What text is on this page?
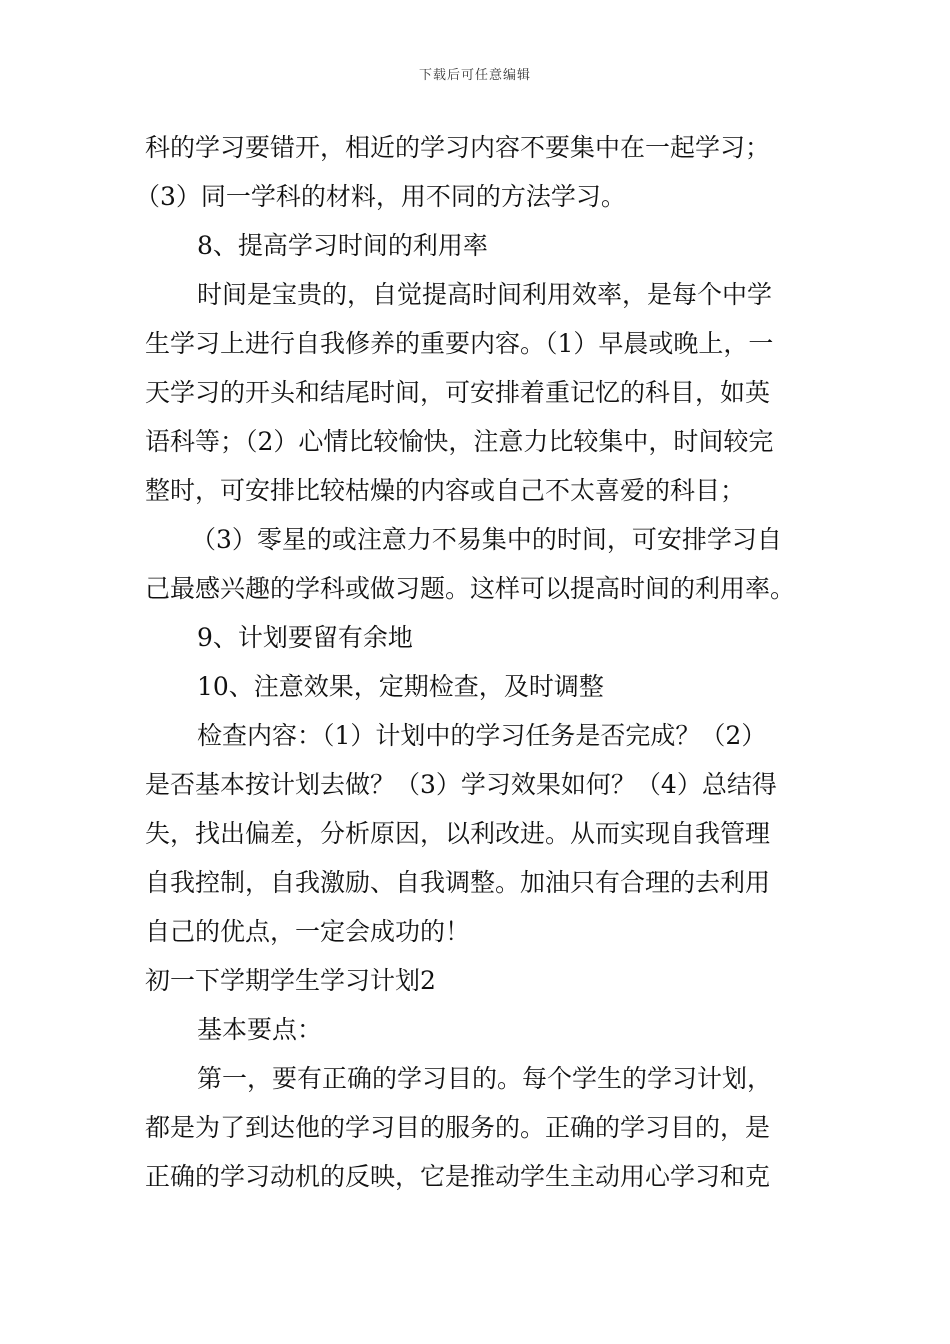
下载后可任意编辑
科的学习要错开，相近的学习内容不要集中在一起学习；
（3）同一学科的材料，用不同的方法学习。
8、提高学习时间的利用率
时间是宝贵的，自觉提高时间利用效率，是每个中学
生学习上进行自我修养的重要内容。（1）早晨或晚上，一
天学习的开头和结尾时间，可安排着重记忆的科目，如英
语科等；（2）心情比较愉快，注意力比较集中，时间较完
整时，可安排比较枯燥的内容或自己不太喜爱的科目；
（3）零星的或注意力不易集中的时间，可安排学习自
己最感兴趣的学科或做习题。这样可以提高时间的利用率。
9、计划要留有余地
10、注意效果，定期检查，及时调整
检查内容：（1）计划中的学习任务是否完成？（2）
是否基本按计划去做？（3）学习效果如何？（4）总结得
失，找出偏差，分析原因，以利改进。从而实现自我管理
自我控制，自我激励、自我调整。加油只有合理的去利用
自己的优点，一定会成功的！
初一下学期学生学习计划2
基本要点：
第一，要有正确的学习目的。每个学生的学习计划，
都是为了到达他的学习目的服务的。正确的学习目的，是
正确的学习动机的反映，它是推动学生主动用心学习和克
